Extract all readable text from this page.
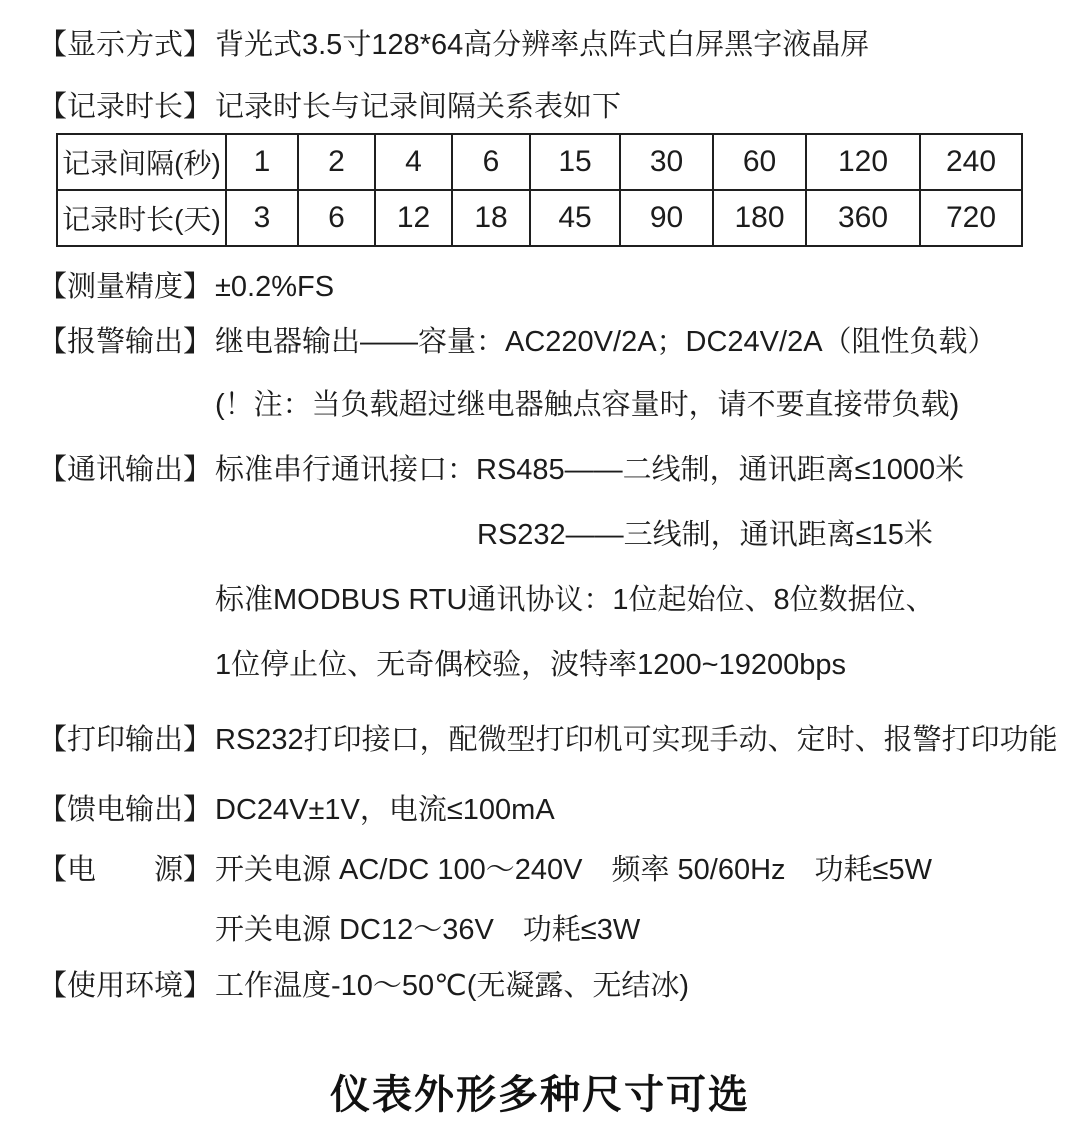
【显示方式】 背光式3.5寸128*64高分辨率点阵式白屏黑字液晶屏

【记录时长】 记录时长与记录间隔关系表如下

记录间隔(秒)	1	2	4	6	15	30	60	120	240
记录时长(天)	3	6	12	18	45	90	180	360	720
【测量精度】 ±0.2%FS

【报警输出】 继电器输出——容量：AC220V/2A；DC24V/2A（阻性负载）

(！注：当负载超过继电器触点容量时，请不要直接带负载)

【通讯输出】 标准串行通讯接口：RS485——二线制，通讯距离≤1000米

RS232——三线制，通讯距离≤15米

标准MODBUS RTU通讯协议：1位起始位、8位数据位、

1位停止位、无奇偶校验，波特率1200~19200bps

【打印输出】 RS232打印接口，配微型打印机可实现手动、定时、报警打印功能

【馈电输出】 DC24V±1V，电流≤100mA

【电　　源】 开关电源 AC/DC 100～240V　频率 50/60Hz　功耗≤5W

开关电源 DC12～36V　功耗≤3W

【使用环境】 工作温度-10～50℃(无凝露、无结冰)

仪表外形多种尺寸可选
